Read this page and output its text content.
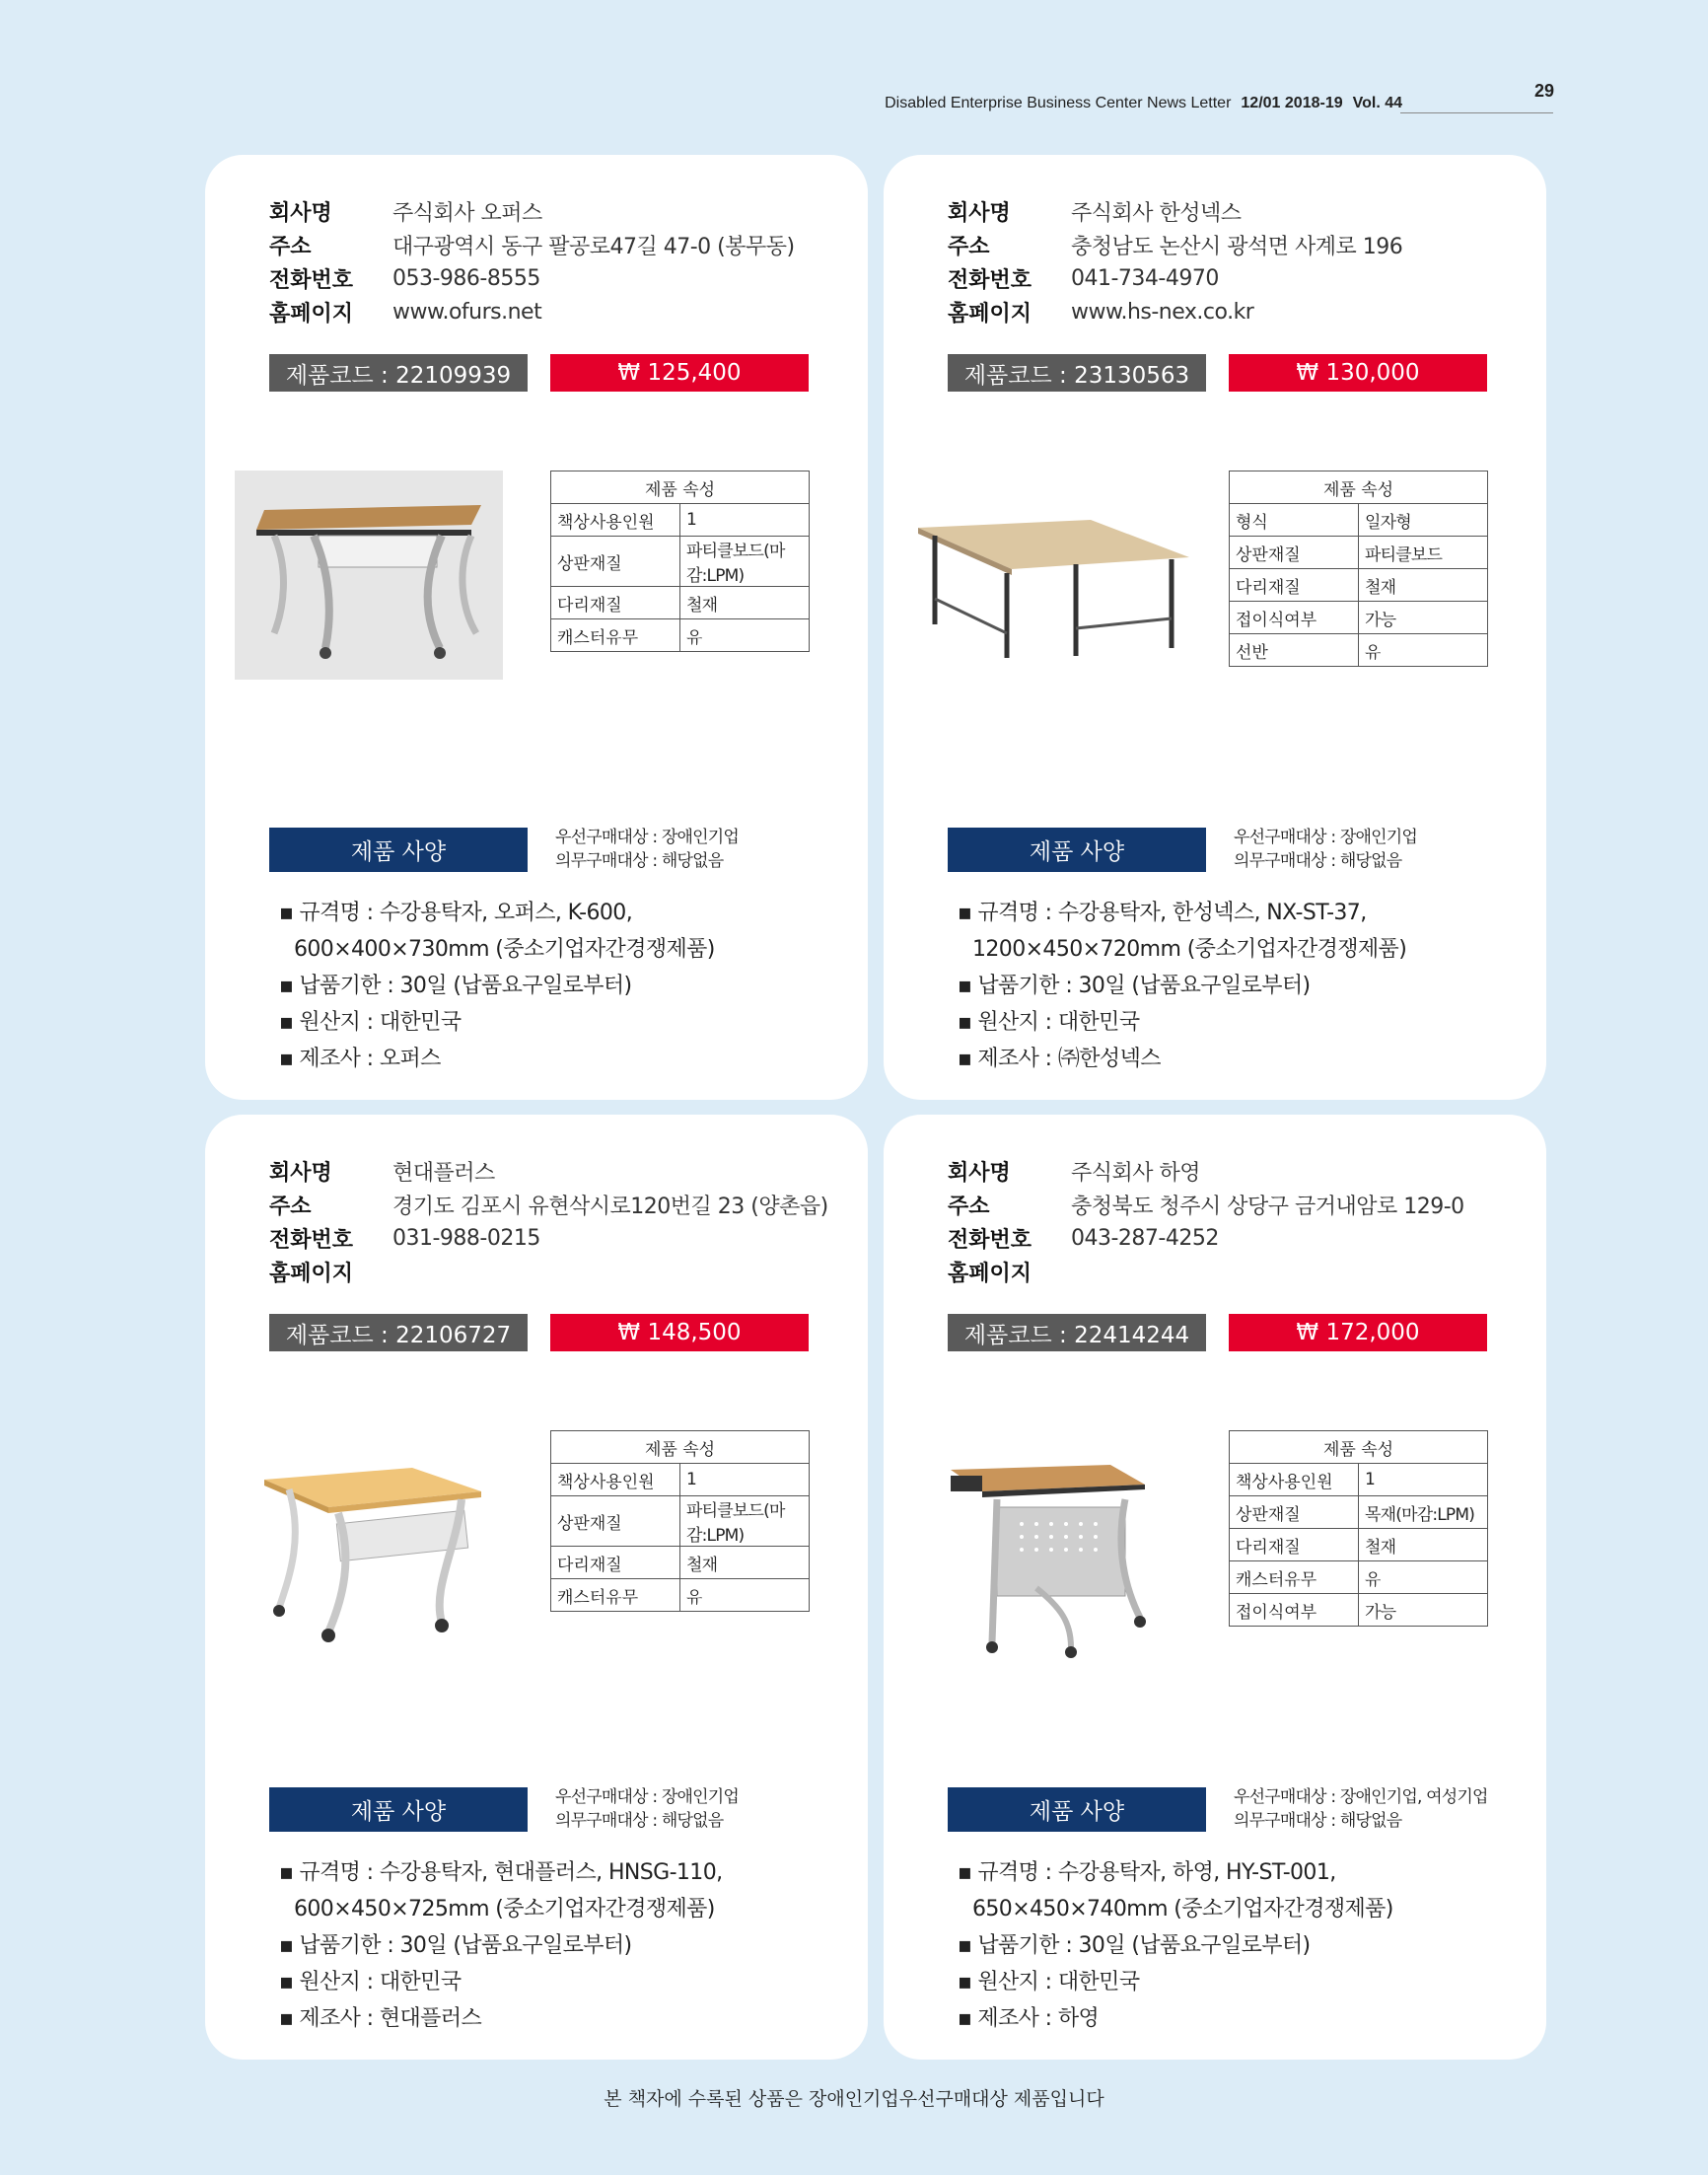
Disabled Enterprise Business Center News Letter 12/01 2018-19 Vol. 44
29
회사명	주식회사 오퍼스
주소	대구광역시 동구 팔공로47길 47-0 (봉무동)
전화번호	053-986-8555
홈페이지	www.ofurs.net
제품코드 : 22109939	₩ 125,400
제품 속성	
책상사용인원	1
상판재질	파티클보드(마감:LPM)
다리재질	철재
캐스터유무	유
제품 사양
우선구매대상 : 장애인기업
의무구매대상 : 해당없음
▪ 규격명 : 수강용탁자, 오퍼스, K-600,
600×400×730mm (중소기업자간경쟁제품)
▪ 납품기한 : 30일 (납품요구일로부터)
▪ 원산지 : 대한민국
▪ 제조사 : 오퍼스
회사명	주식회사 한성넥스
주소	충청남도 논산시 광석면 사계로 196
전화번호	041-734-4970
홈페이지	www.hs-nex.co.kr
제품코드 : 23130563	₩ 130,000
제품 속성	
형식	일자형
상판재질	파티클보드
다리재질	철재
접이식여부	가능
선반	유
제품 사양
우선구매대상 : 장애인기업
의무구매대상 : 해당없음
▪ 규격명 : 수강용탁자, 한성넥스, NX-ST-37,
1200×450×720mm (중소기업자간경쟁제품)
▪ 납품기한 : 30일 (납품요구일로부터)
▪ 원산지 : 대한민국
▪ 제조사 : ㈜한성넥스
회사명	현대플러스
주소	경기도 김포시 유현삭시로120번길 23 (양촌읍)
전화번호	031-988-0215
홈페이지
제품코드 : 22106727	₩ 148,500
제품 속성	
책상사용인원	1
상판재질	파티클보드(마감:LPM)
다리재질	철재
캐스터유무	유
제품 사양
우선구매대상 : 장애인기업
의무구매대상 : 해당없음
▪ 규격명 : 수강용탁자, 현대플러스, HNSG-110,
600×450×725mm (중소기업자간경쟁제품)
▪ 납품기한 : 30일 (납품요구일로부터)
▪ 원산지 : 대한민국
▪ 제조사 : 현대플러스
회사명	주식회사 하영
주소	충청북도 청주시 상당구 금거내암로 129-0
전화번호	043-287-4252
홈페이지
제품코드 : 22414244	₩ 172,000
제품 속성	
책상사용인원	1
상판재질	목재(마감:LPM)
다리재질	철재
캐스터유무	유
접이식여부	가능
제품 사양
우선구매대상 : 장애인기업, 여성기업
의무구매대상 : 해당없음
▪ 규격명 : 수강용탁자, 하영, HY-ST-001,
650×450×740mm (중소기업자간경쟁제품)
▪ 납품기한 : 30일 (납품요구일로부터)
▪ 원산지 : 대한민국
▪ 제조사 : 하영
본 책자에 수록된 상품은 장애인기업우선구매대상 제품입니다
